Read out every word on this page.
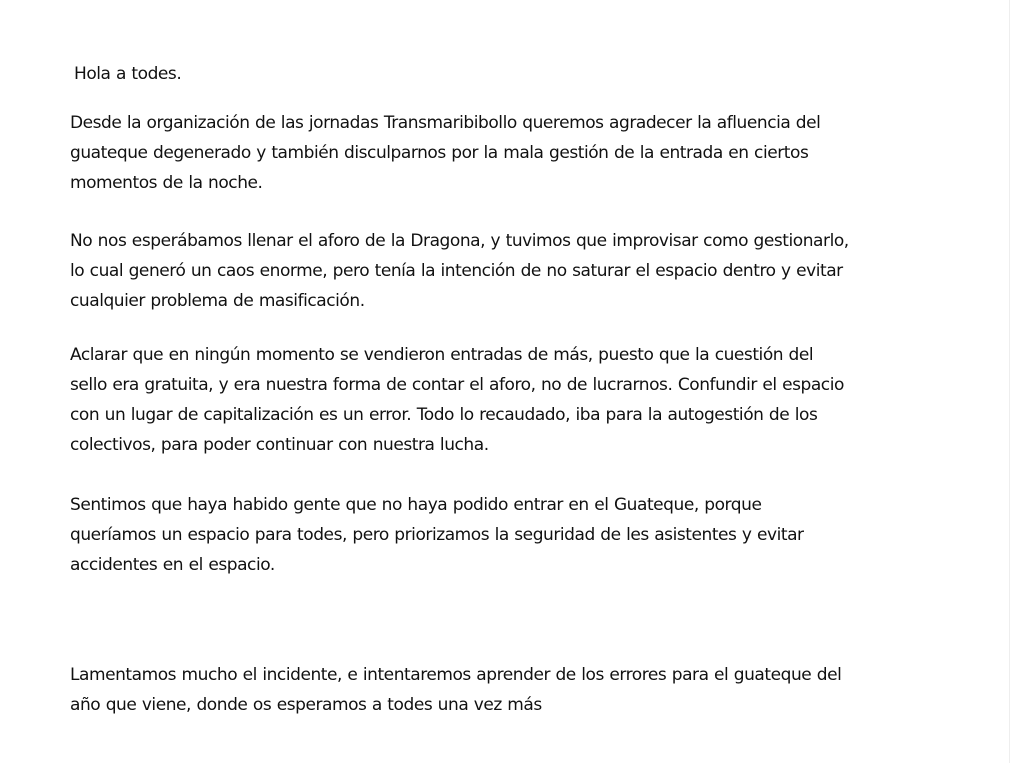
Hola a todes.

Desde la organización de las jornadas Transmaribibollo queremos agradecer la afluencia del
guateque degenerado y también disculparnos por la mala gestión de la entrada en ciertos
momentos de la noche.

No nos esperábamos llenar el aforo de la Dragona, y tuvimos que improvisar como gestionarlo,
lo cual generó un caos enorme, pero tenía la intención de no saturar el espacio dentro y evitar
cualquier problema de masificación.

Aclarar que en ningún momento se vendieron entradas de más, puesto que la cuestión del
sello era gratuita, y era nuestra forma de contar el aforo, no de lucrarnos. Confundir el espacio
con un lugar de capitalización es un error. Todo lo recaudado, iba para la autogestión de los
colectivos, para poder continuar con nuestra lucha.

Sentimos que haya habido gente que no haya podido entrar en el Guateque, porque
queríamos un espacio para todes, pero priorizamos la seguridad de les asistentes y evitar
accidentes en el espacio.

Lamentamos mucho el incidente, e intentaremos aprender de los errores para el guateque del
año que viene, donde os esperamos a todes una vez más
